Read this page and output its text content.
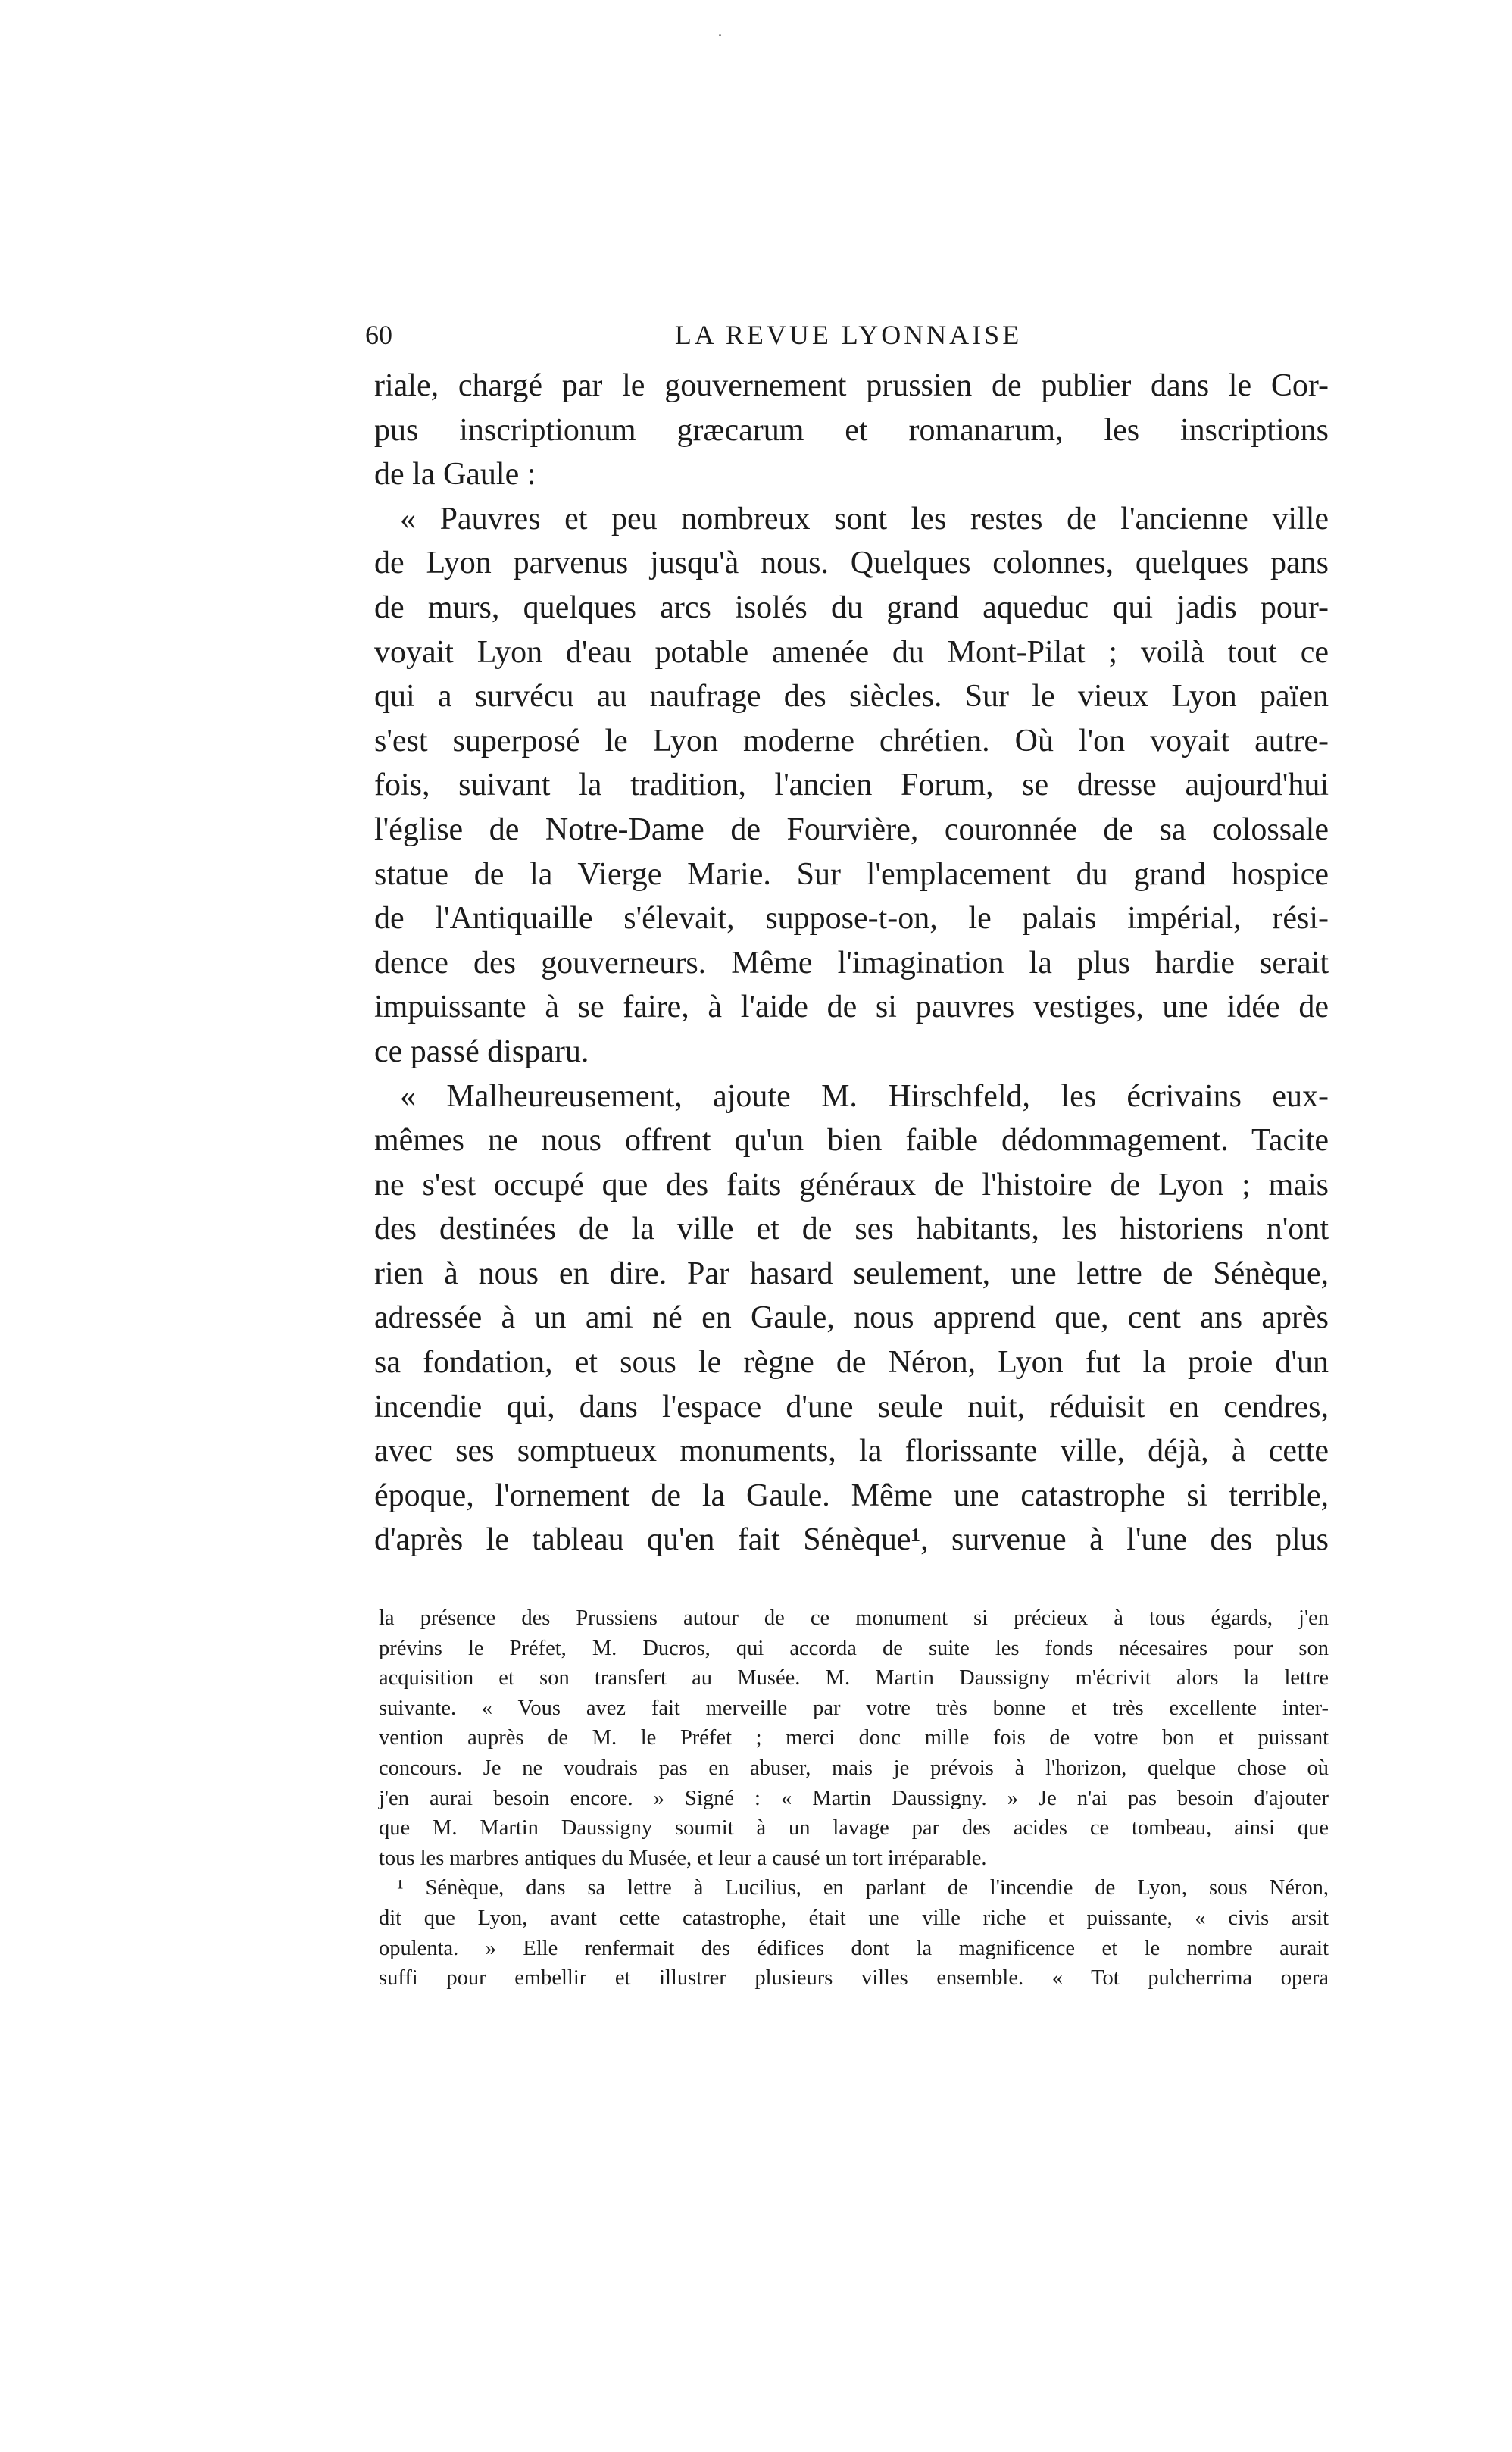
60	LA REVUE LYONNAISE
riale, chargé par le gouvernement prussien de publier dans le Cor-
pus inscriptionum græcarum et romanarum, les inscriptions
de la Gaule :
« Pauvres et peu nombreux sont les restes de l'ancienne ville
de Lyon parvenus jusqu'à nous. Quelques colonnes, quelques pans
de murs, quelques arcs isolés du grand aqueduc qui jadis pour-
voyait Lyon d'eau potable amenée du Mont-Pilat ; voilà tout ce
qui a survécu au naufrage des siècles. Sur le vieux Lyon païen
s'est superposé le Lyon moderne chrétien. Où l'on voyait autre-
fois, suivant la tradition, l'ancien Forum, se dresse aujourd'hui
l'église de Notre-Dame de Fourvière, couronnée de sa colossale
statue de la Vierge Marie. Sur l'emplacement du grand hospice
de l'Antiquaille s'élevait, suppose-t-on, le palais impérial, rési-
dence des gouverneurs. Même l'imagination la plus hardie serait
impuissante à se faire, à l'aide de si pauvres vestiges, une idée de
ce passé disparu.
« Malheureusement, ajoute M. Hirschfeld, les écrivains eux-
mêmes ne nous offrent qu'un bien faible dédommagement. Tacite
ne s'est occupé que des faits généraux de l'histoire de Lyon ; mais
des destinées de la ville et de ses habitants, les historiens n'ont
rien à nous en dire. Par hasard seulement, une lettre de Sénèque,
adressée à un ami né en Gaule, nous apprend que, cent ans après
sa fondation, et sous le règne de Néron, Lyon fut la proie d'un
incendie qui, dans l'espace d'une seule nuit, réduisit en cendres,
avec ses somptueux monuments, la florissante ville, déjà, à cette
époque, l'ornement de la Gaule. Même une catastrophe si terrible,
d'après le tableau qu'en fait Sénèque¹, survenue à l'une des plus
la présence des Prussiens autour de ce monument si précieux à tous égards, j'en
prévins le Préfet, M. Ducros, qui accorda de suite les fonds nécesaires pour son
acquisition et son transfert au Musée. M. Martin Daussigny m'écrivit alors la lettre
suivante. « Vous avez fait merveille par votre très bonne et très excellente inter-
vention auprès de M. le Préfet ; merci donc mille fois de votre bon et puissant
concours. Je ne voudrais pas en abuser, mais je prévois à l'horizon, quelque chose où
j'en aurai besoin encore. » Signé : « Martin Daussigny. » Je n'ai pas besoin d'ajouter
que M. Martin Daussigny soumit à un lavage par des acides ce tombeau, ainsi que
tous les marbres antiques du Musée, et leur a causé un tort irréparable.
¹ Sénèque, dans sa lettre à Lucilius, en parlant de l'incendie de Lyon, sous Néron,
dit que Lyon, avant cette catastrophe, était une ville riche et puissante, « civis arsit
opulenta. » Elle renfermait des édifices dont la magnificence et le nombre aurait
suffi pour embellir et illustrer plusieurs villes ensemble. « Tot pulcherrima opera
